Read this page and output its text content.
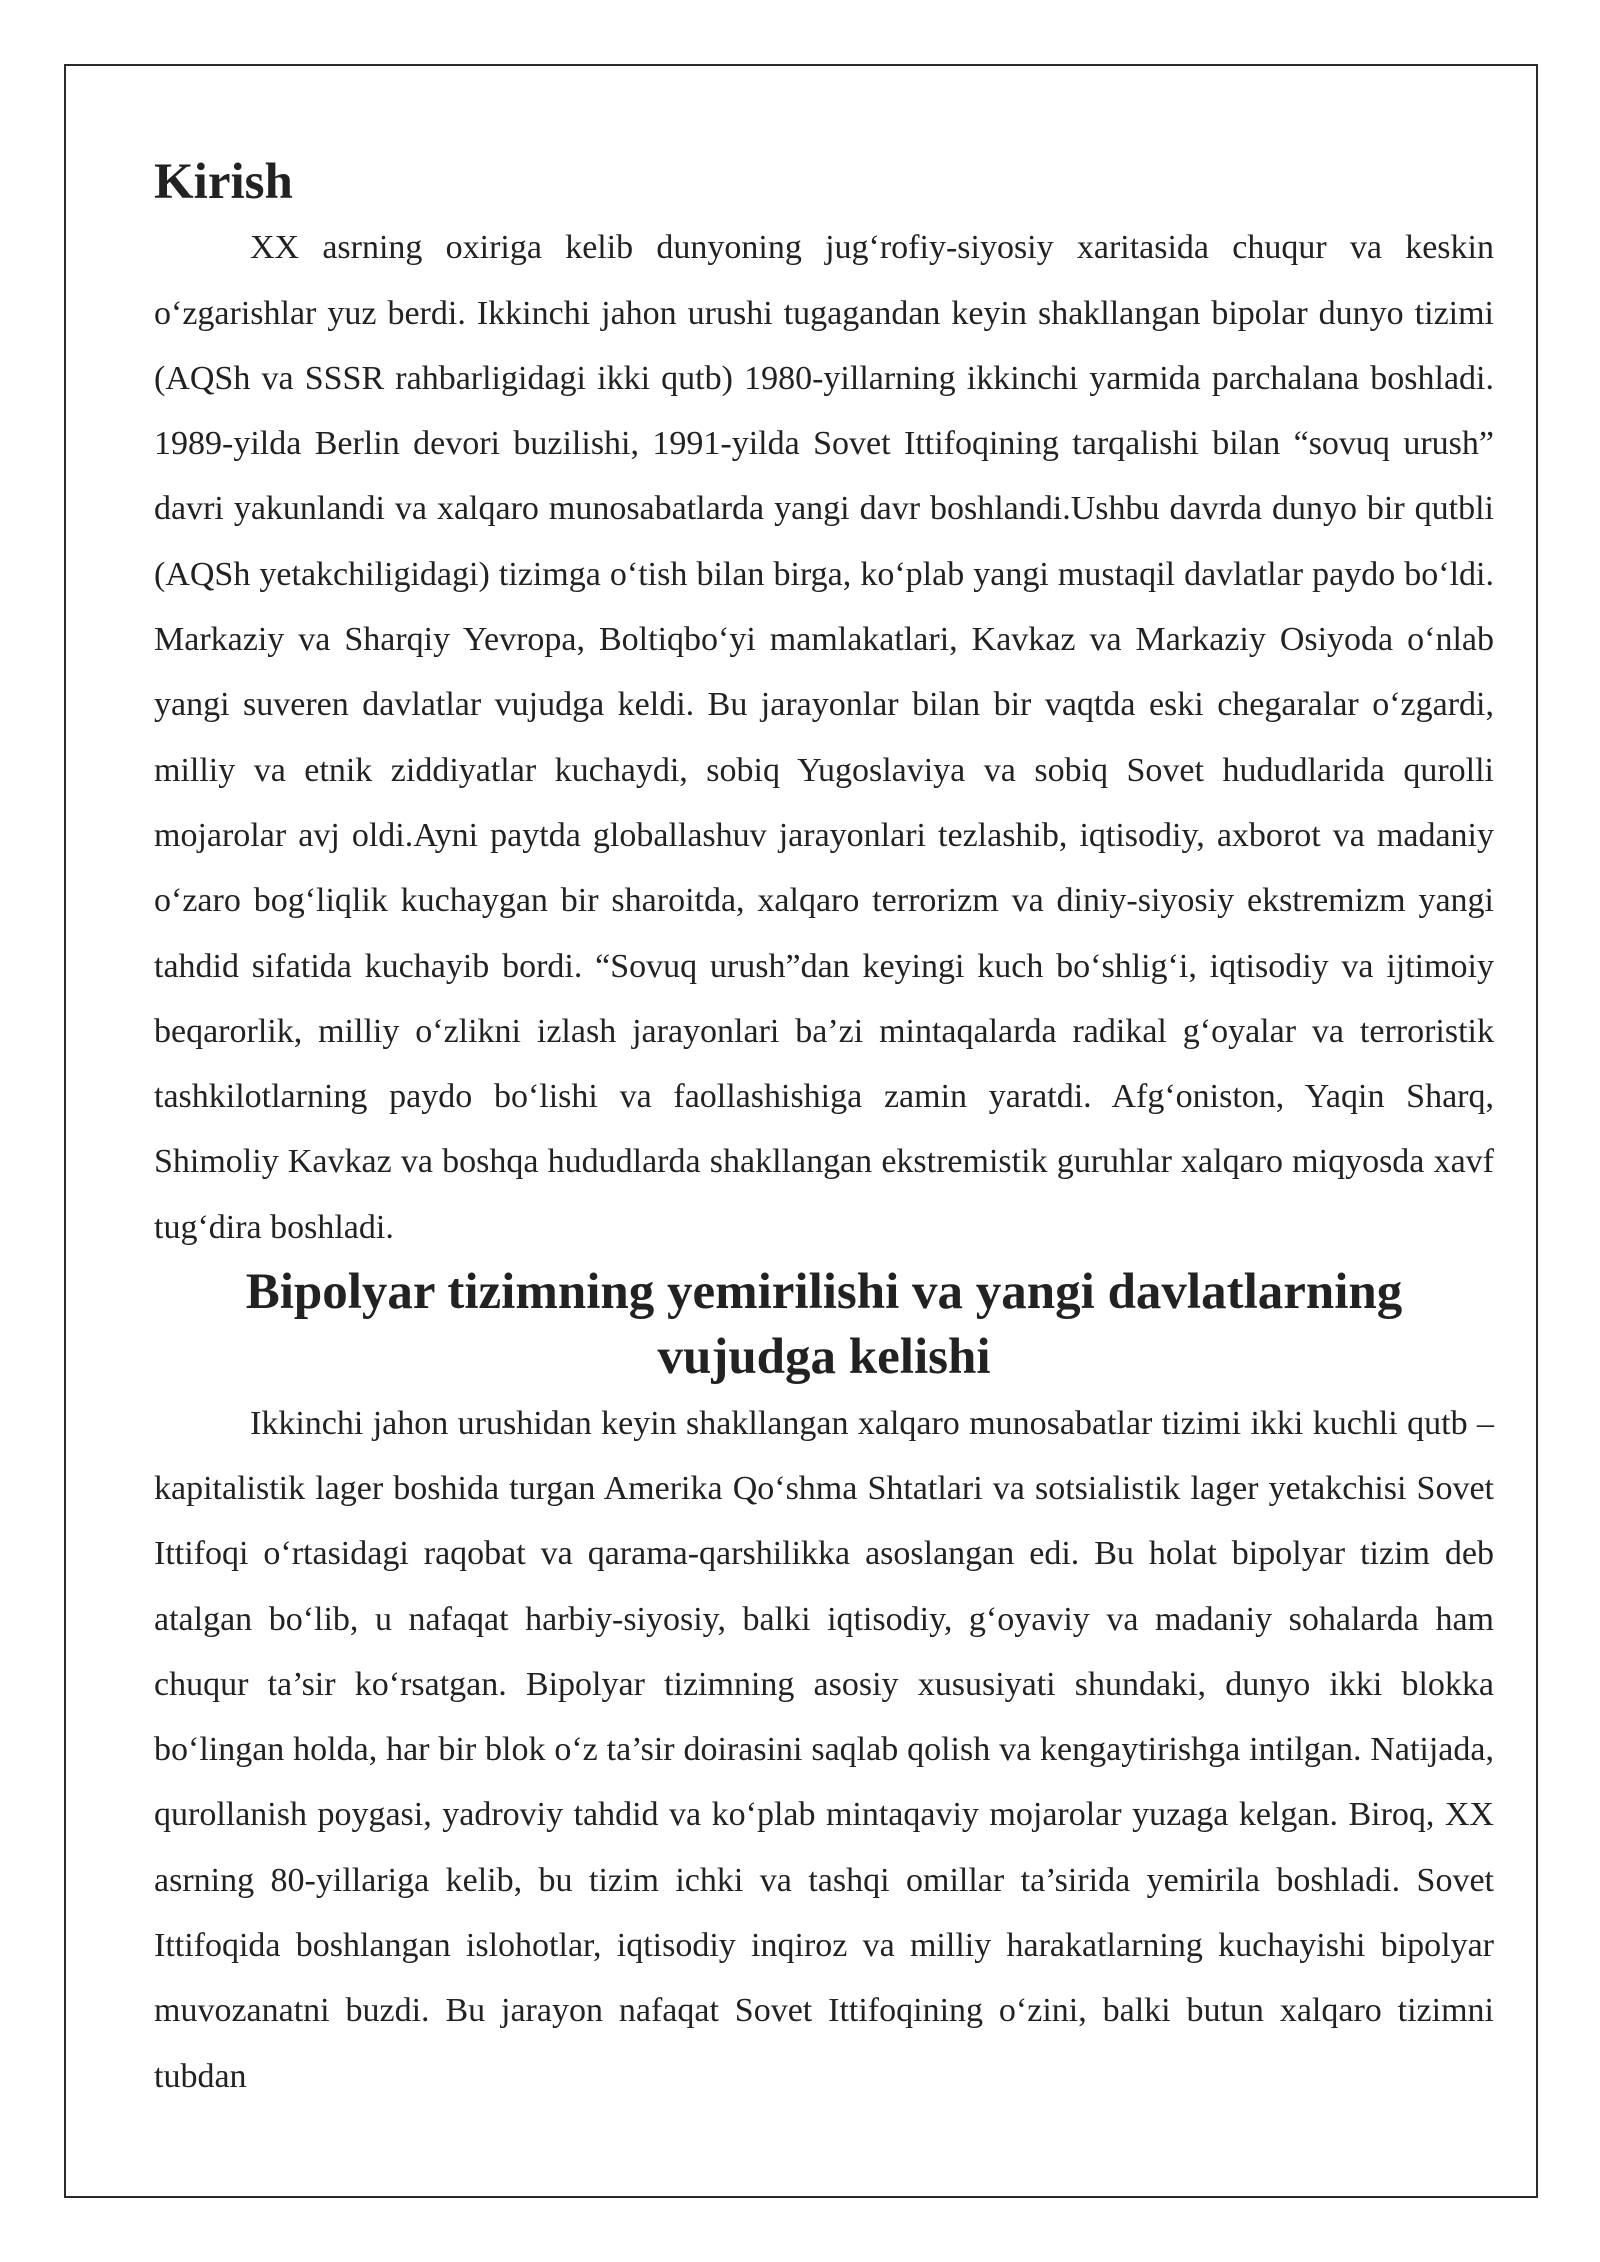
Kirish

XX asrning oxiriga kelib dunyoning jug‘rofiy-siyosiy xaritasida chuqur va keskin o‘zgarishlar yuz berdi. Ikkinchi jahon urushi tugagandan keyin shakllangan bipolar dunyo tizimi (AQSh va SSSR rahbarligidagi ikki qutb) 1980-yillarning ikkinchi yarmida parchalana boshladi. 1989-yilda Berlin devori buzilishi, 1991-yilda Sovet Ittifoqining tarqalishi bilan “sovuq urush” davri yakunlandi va xalqaro munosabatlarda yangi davr boshlandi.Ushbu davrda dunyo bir qutbli (AQSh yetakchiligidagi) tizimga o‘tish bilan birga, ko‘plab yangi mustaqil davlatlar paydo bo‘ldi. Markaziy va Sharqiy Yevropa, Boltiqbo‘yi mamlakatlari, Kavkaz va Markaziy Osiyoda o‘nlab yangi suveren davlatlar vujudga keldi. Bu jarayonlar bilan bir vaqtda eski chegaralar o‘zgardi, milliy va etnik ziddiyatlar kuchaydi, sobiq Yugoslaviya va sobiq Sovet hududlarida qurolli mojarolar avj oldi.Ayni paytda globallashuv jarayonlari tezlashib, iqtisodiy, axborot va madaniy o‘zaro bog‘liqlik kuchaygan bir sharoitda, xalqaro terrorizm va diniy-siyosiy ekstremizm yangi tahdid sifatida kuchayib bordi. “Sovuq urush”dan keyingi kuch bo‘shlig‘i, iqtisodiy va ijtimoiy beqarorlik, milliy o‘zlikni izlash jarayonlari ba’zi mintaqalarda radikal g‘oyalar va terroristik tashkilotlarning paydo bo‘lishi va faollashishiga zamin yaratdi. Afg‘oniston, Yaqin Sharq, Shimoliy Kavkaz va boshqa hududlarda shakllangan ekstremistik guruhlar xalqaro miqyosda xavf tug‘dira boshladi.

Bipolyar tizimning yemirilishi va yangi davlatlarning vujudga kelishi

Ikkinchi jahon urushidan keyin shakllangan xalqaro munosabatlar tizimi ikki kuchli qutb – kapitalistik lager boshida turgan Amerika Qo‘shma Shtatlari va sotsialistik lager yetakchisi Sovet Ittifoqi o‘rtasidagi raqobat va qarama-qarshilikka asoslangan edi. Bu holat bipolyar tizim deb atalgan bo‘lib, u nafaqat harbiy-siyosiy, balki iqtisodiy, g‘oyaviy va madaniy sohalarda ham chuqur ta’sir ko‘rsatgan. Bipolyar tizimning asosiy xususiyati shundaki, dunyo ikki blokka bo‘lingan holda, har bir blok o‘z ta’sir doirasini saqlab qolish va kengaytirishga intilgan. Natijada, qurollanish poygasi, yadroviy tahdid va ko‘plab mintaqaviy mojarolar yuzaga kelgan. Biroq, XX asrning 80-yillariga kelib, bu tizim ichki va tashqi omillar ta’sirida yemirila boshladi. Sovet Ittifoqida boshlangan islohotlar, iqtisodiy inqiroz va milliy harakatlarning kuchayishi bipolyar muvozanatni buzdi. Bu jarayon nafaqat Sovet Ittifoqining o‘zini, balki butun xalqaro tizimni tubdan
